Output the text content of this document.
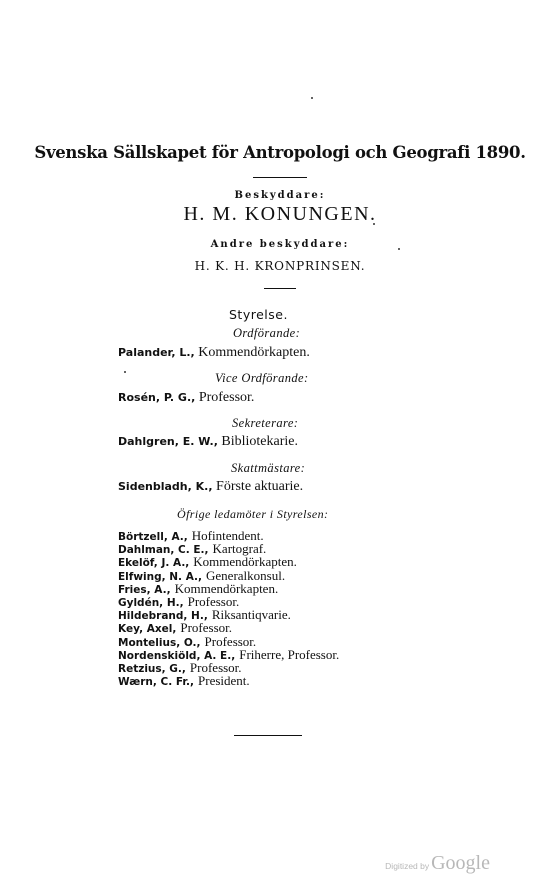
Svenska Sällskapet för Antropologi och Geografi 1890.
Beskyddare:
H. M. KONUNGEN.
Andre beskyddare:
H. K. H. KRONPRINSEN.
Styrelse.
Ordförande:
Palander, L., Kommendörkapten.
Vice Ordförande:
Rosén, P. G., Professor.
Sekreterare:
Dahlgren, E. W., Bibliotekarie.
Skattmästare:
Sidenbladh, K., Förste aktuarie.
Öfrige ledamöter i Styrelsen:
Börtzell, A., Hofintendent.
Dahlman, C. E., Kartograf.
Ekelöf, J. A., Kommendörkapten.
Elfwing, N. A., Generalkonsul.
Fries, A., Kommendörkapten.
Gyldén, H., Professor.
Hildebrand, H., Riksantiqvarie.
Key, Axel, Professor.
Montelius, O., Professor.
Nordenskiöld, A. E., Friherre, Professor.
Retzius, G., Professor.
Wærn, C. Fr., President.
Digitized by Google
